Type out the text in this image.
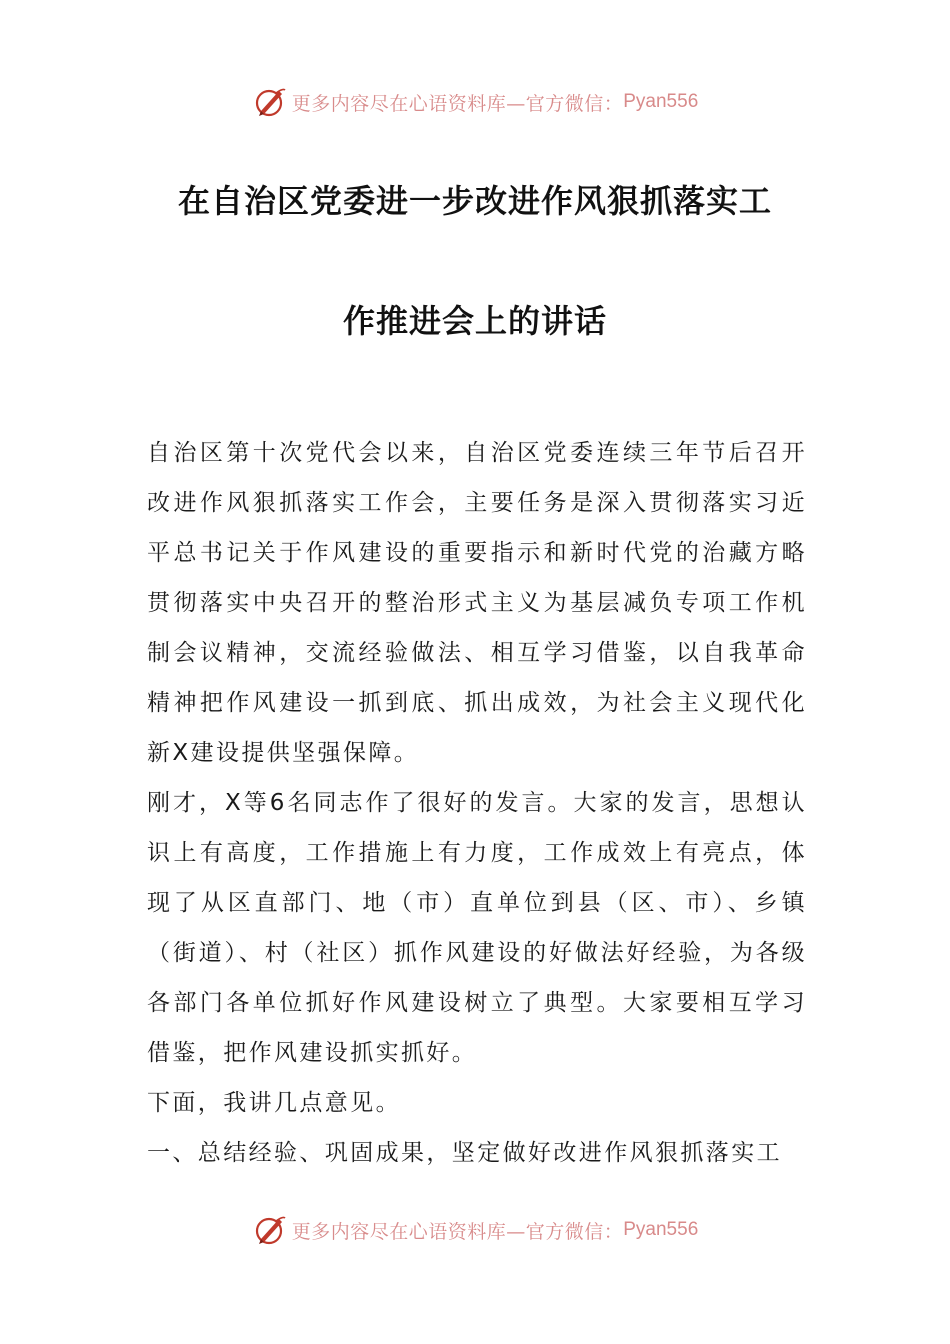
更多内容尽在心语资料库—官方微信： Pyan556
在自治区党委进一步改进作风狠抓落实工
作推进会上的讲话

自治区第十次党代会以来，自治区党委连续三年节后召开改进作风狠抓落实工作会，主要任务是深入贯彻落实习近平总书记关于作风建设的重要指示和新时代党的治藏方略贯彻落实中央召开的整治形式主义为基层减负专项工作机制会议精神，交流经验做法、相互学习借鉴，以自我革命精神把作风建设一抓到底、抓出成效，为社会主义现代化新X建设提供坚强保障。

刚才，X等6名同志作了很好的发言。大家的发言，思想认识上有高度，工作措施上有力度，工作成效上有亮点，体现了从区直部门、地（市）直单位到县（区、市）、乡镇（街道）、村（社区）抓作风建设的好做法好经验，为各级各部门各单位抓好作风建设树立了典型。大家要相互学习借鉴，把作风建设抓实抓好。

下面，我讲几点意见。

一、总结经验、巩固成果，坚定做好改进作风狠抓落实工

更多内容尽在心语资料库—官方微信： Pyan556
